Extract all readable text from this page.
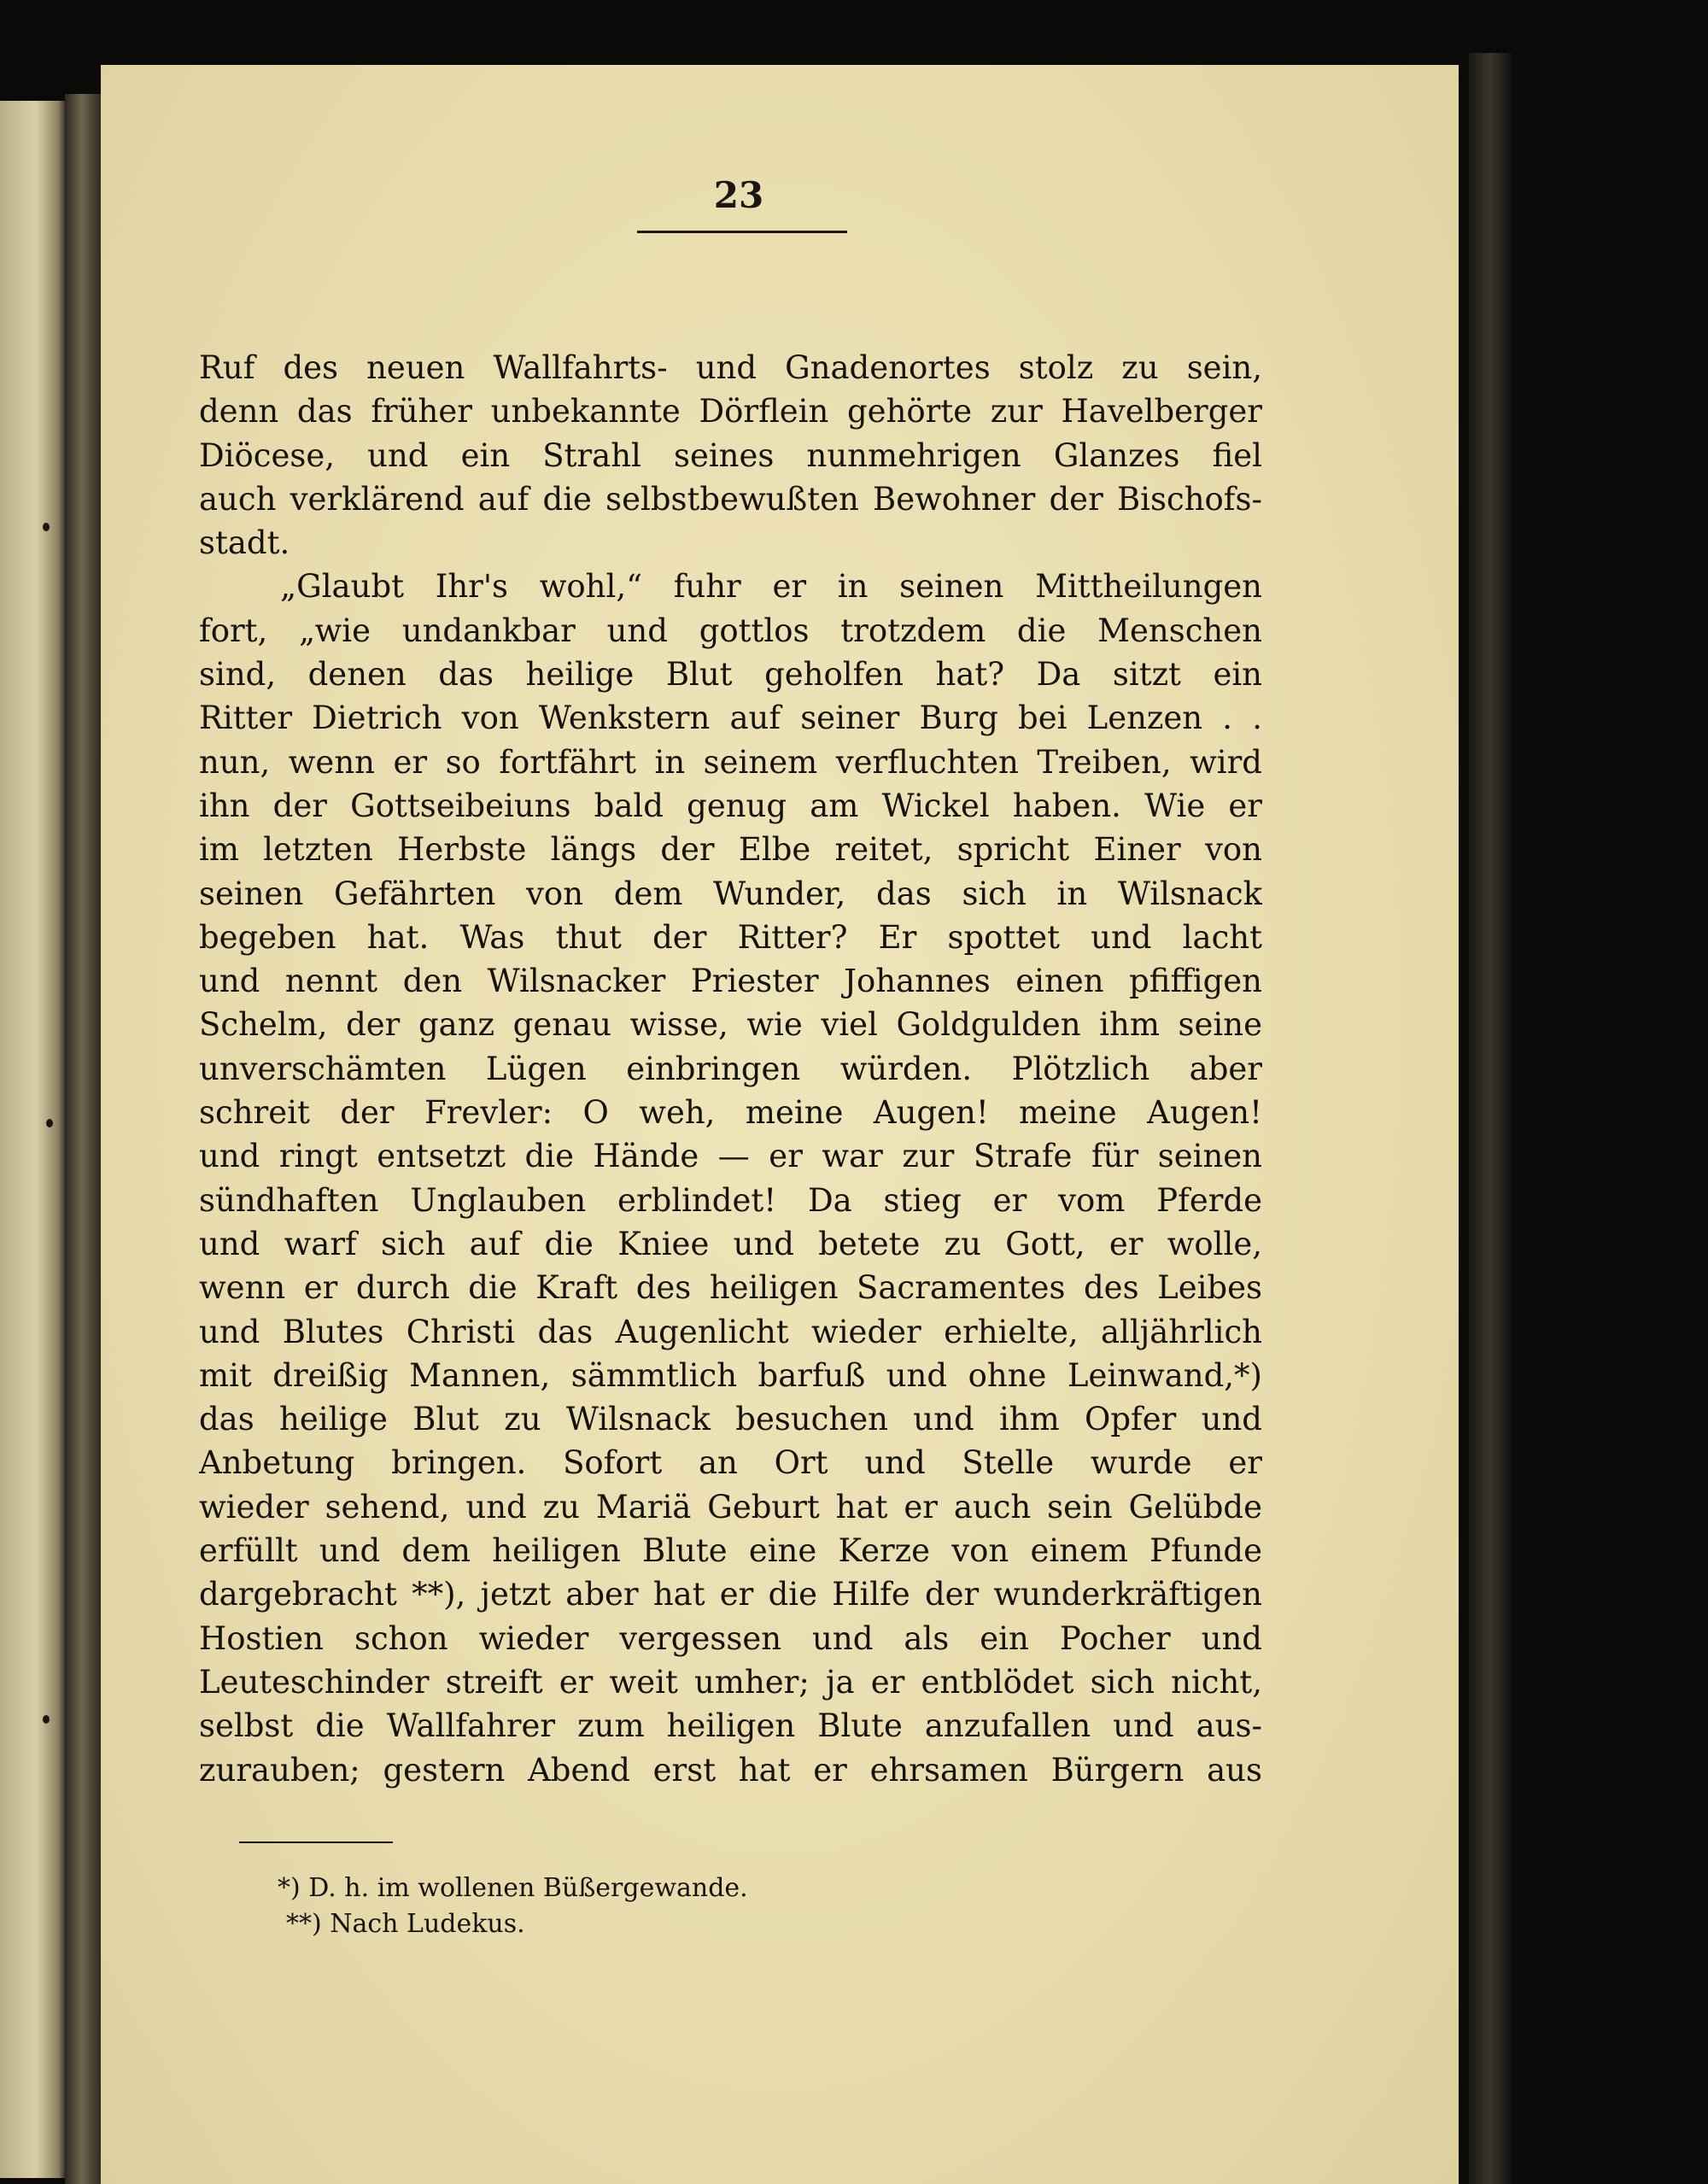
23
Ruf des neuen Wallfahrts- und Gnadenortes stolz zu sein,
denn das früher unbekannte Dörflein gehörte zur Havelberger
Diöcese, und ein Strahl seines nunmehrigen Glanzes fiel
auch verklärend auf die selbstbewußten Bewohner der Bischofs-
stadt.
„Glaubt Ihr's wohl,“ fuhr er in seinen Mittheilungen
fort, „wie undankbar und gottlos trotzdem die Menschen
sind, denen das heilige Blut geholfen hat? Da sitzt ein
Ritter Dietrich von Wenkstern auf seiner Burg bei Lenzen . .
nun, wenn er so fortfährt in seinem verfluchten Treiben, wird
ihn der Gottseibeiuns bald genug am Wickel haben. Wie er
im letzten Herbste längs der Elbe reitet, spricht Einer von
seinen Gefährten von dem Wunder, das sich in Wilsnack
begeben hat. Was thut der Ritter? Er spottet und lacht
und nennt den Wilsnacker Priester Johannes einen pfiffigen
Schelm, der ganz genau wisse, wie viel Goldgulden ihm seine
unverschämten Lügen einbringen würden. Plötzlich aber
schreit der Frevler: O weh, meine Augen! meine Augen!
und ringt entsetzt die Hände — er war zur Strafe für seinen
sündhaften Unglauben erblindet! Da stieg er vom Pferde
und warf sich auf die Kniee und betete zu Gott, er wolle,
wenn er durch die Kraft des heiligen Sacramentes des Leibes
und Blutes Christi das Augenlicht wieder erhielte, alljährlich
mit dreißig Mannen, sämmtlich barfuß und ohne Leinwand,*)
das heilige Blut zu Wilsnack besuchen und ihm Opfer und
Anbetung bringen. Sofort an Ort und Stelle wurde er
wieder sehend, und zu Mariä Geburt hat er auch sein Gelübde
erfüllt und dem heiligen Blute eine Kerze von einem Pfunde
dargebracht **), jetzt aber hat er die Hilfe der wunderkräftigen
Hostien schon wieder vergessen und als ein Pocher und
Leuteschinder streift er weit umher; ja er entblödet sich nicht,
selbst die Wallfahrer zum heiligen Blute anzufallen und aus-
zurauben; gestern Abend erst hat er ehrsamen Bürgern aus
*) D. h. im wollenen Büßergewande.
**) Nach Ludekus.
